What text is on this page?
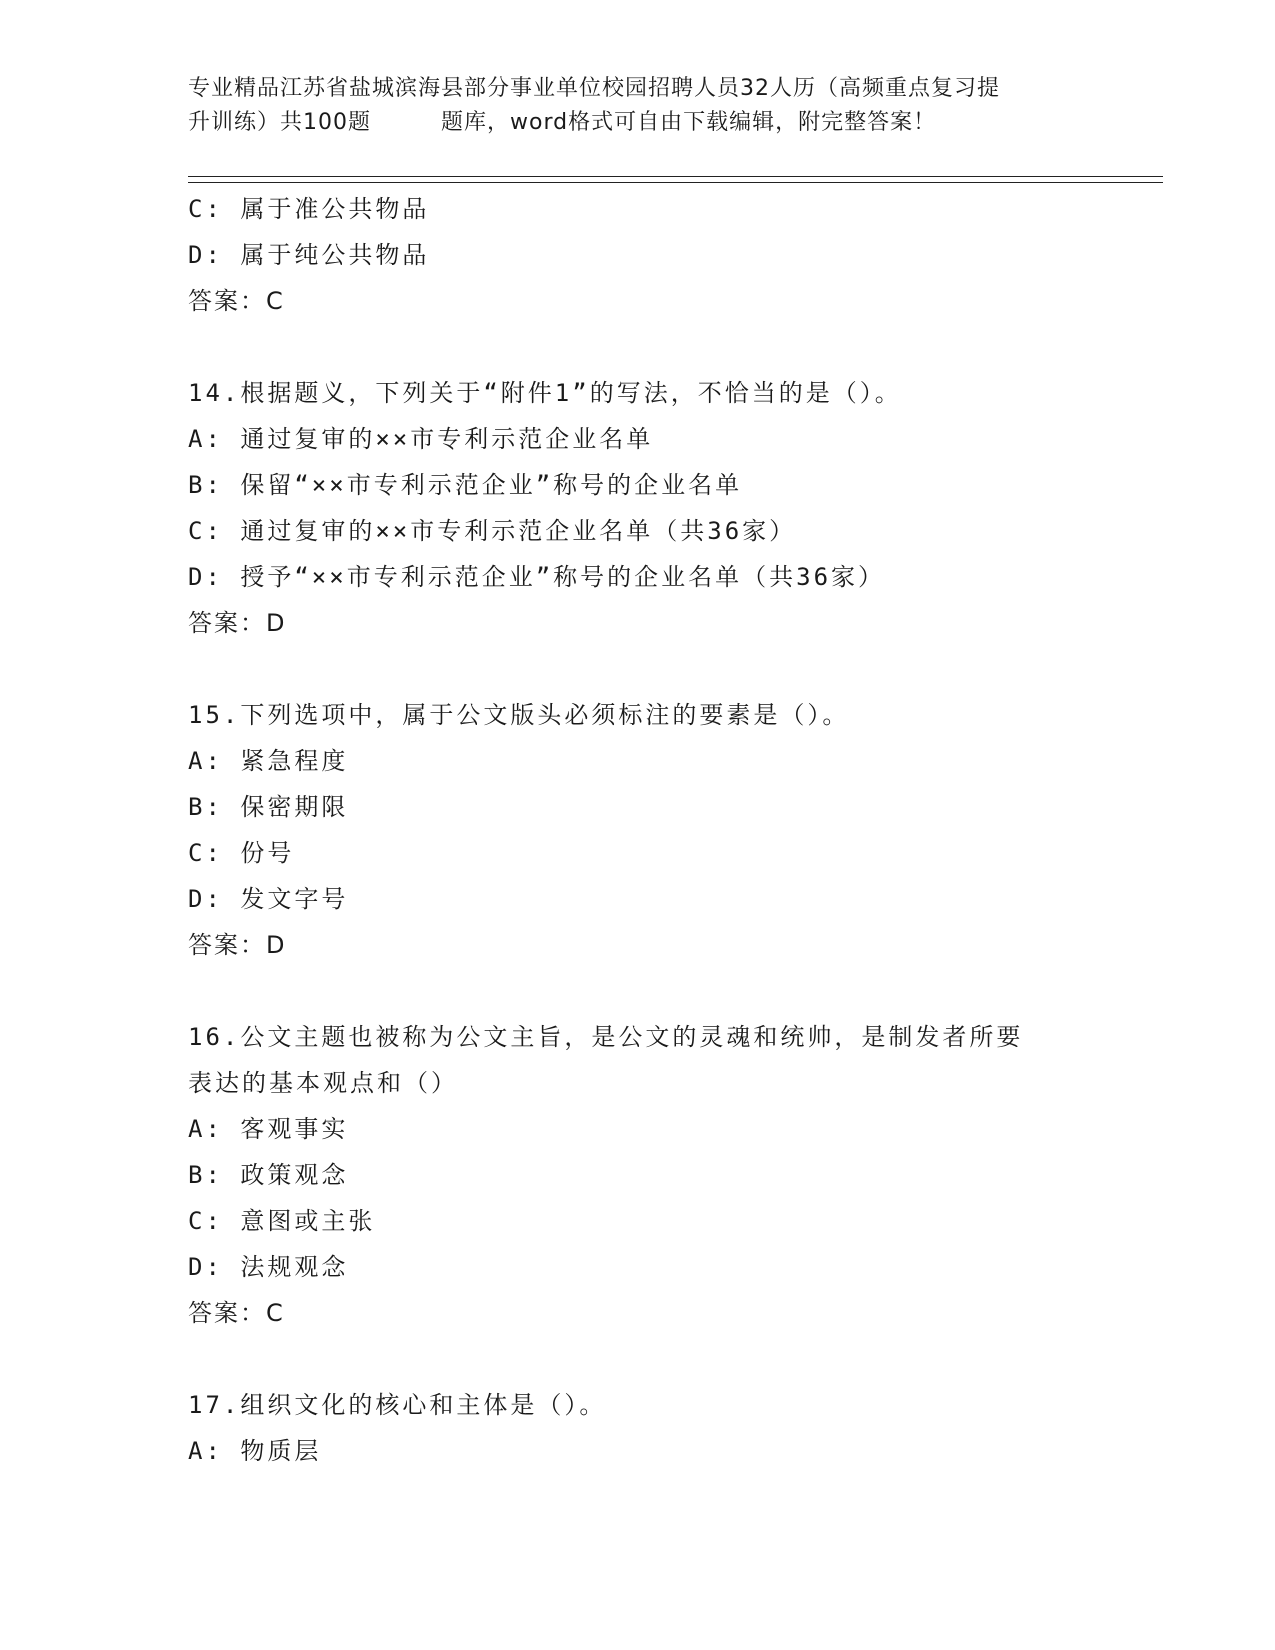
专业精品江苏省盐城滨海县部分事业单位校园招聘人员32人历（高频重点复习提
升训练）共100题	题库，word格式可自由下载编辑，附完整答案！
C: 属于准公共物品
D: 属于纯公共物品
答案：C
14.根据题义，下列关于“附件1”的写法，不恰当的是（）。
A: 通过复审的××市专利示范企业名单
B: 保留“××市专利示范企业”称号的企业名单
C: 通过复审的××市专利示范企业名单（共36家）
D: 授予“××市专利示范企业”称号的企业名单（共36家）
答案：D
15.下列选项中，属于公文版头必须标注的要素是（）。
A: 紧急程度
B: 保密期限
C: 份号
D: 发文字号
答案：D
16.公文主题也被称为公文主旨，是公文的灵魂和统帅，是制发者所要
表达的基本观点和（）
A: 客观事实
B: 政策观念
C: 意图或主张
D: 法规观念
答案：C
17.组织文化的核心和主体是（）。
A: 物质层
